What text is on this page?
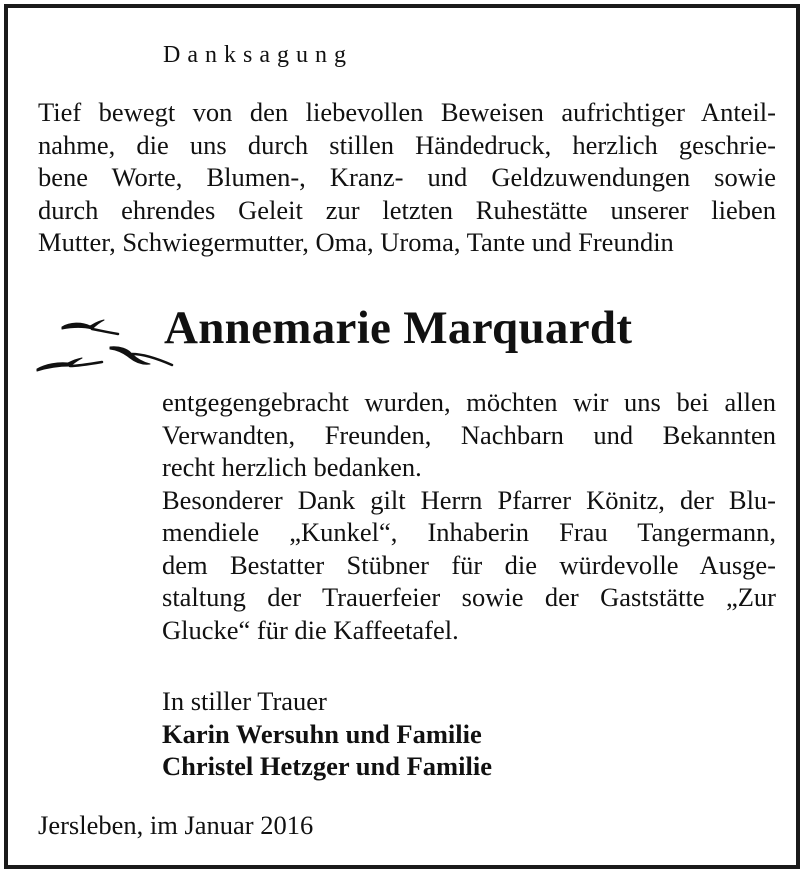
Danksagung
Tief bewegt von den liebevollen Beweisen aufrichtiger Anteil-
nahme, die uns durch stillen Händedruck, herzlich geschrie-
bene Worte, Blumen-, Kranz- und Geldzuwendungen sowie
durch ehrendes Geleit zur letzten Ruhestätte unserer lieben
Mutter, Schwiegermutter, Oma, Uroma, Tante und Freundin
Annemarie Marquardt
entgegengebracht wurden, möchten wir uns bei allen
Verwandten, Freunden, Nachbarn und Bekannten
recht herzlich bedanken.
Besonderer Dank gilt Herrn Pfarrer Könitz, der Blu-
mendiele „Kunkel“, Inhaberin Frau Tangermann,
dem Bestatter Stübner für die würdevolle Ausge-
staltung der Trauerfeier sowie der Gaststätte „Zur
Glucke“ für die Kaffeetafel.
In stiller Trauer
Karin Wersuhn und Familie
Christel Hetzger und Familie
Jersleben, im Januar 2016
